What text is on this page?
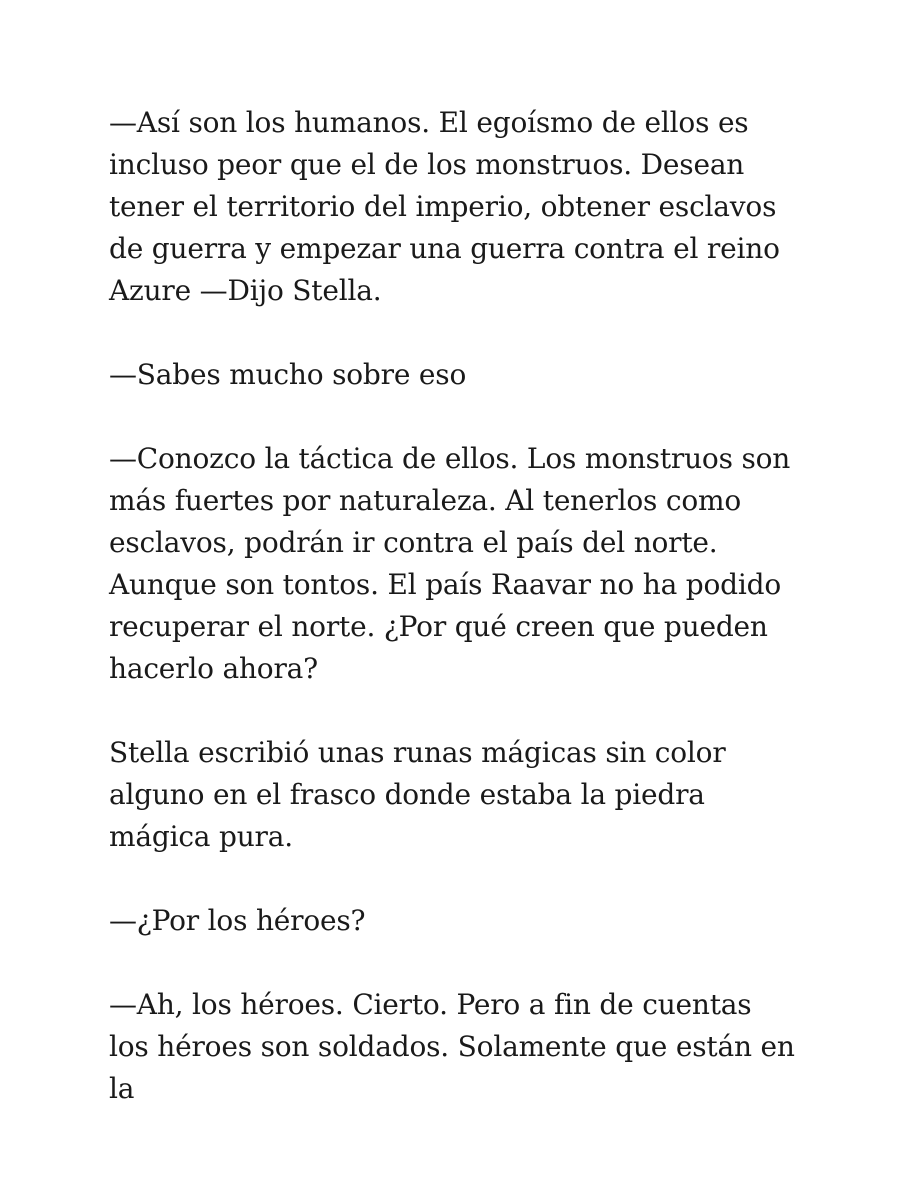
—Así son los humanos. El egoísmo de ellos es incluso peor que el de los monstruos. Desean tener el territorio del imperio, obtener esclavos de guerra y empezar una guerra contra el reino Azure —Dijo Stella.

—Sabes mucho sobre eso

—Conozco la táctica de ellos. Los monstruos son más fuertes por naturaleza. Al tenerlos como esclavos, podrán ir contra el país del norte. Aunque son tontos. El país Raavar no ha podido recuperar el norte. ¿Por qué creen que pueden hacerlo ahora?

Stella escribió unas runas mágicas sin color alguno en el frasco donde estaba la piedra mágica pura.

—¿Por los héroes?

—Ah, los héroes. Cierto. Pero a fin de cuentas los héroes son soldados. Solamente que están en la
